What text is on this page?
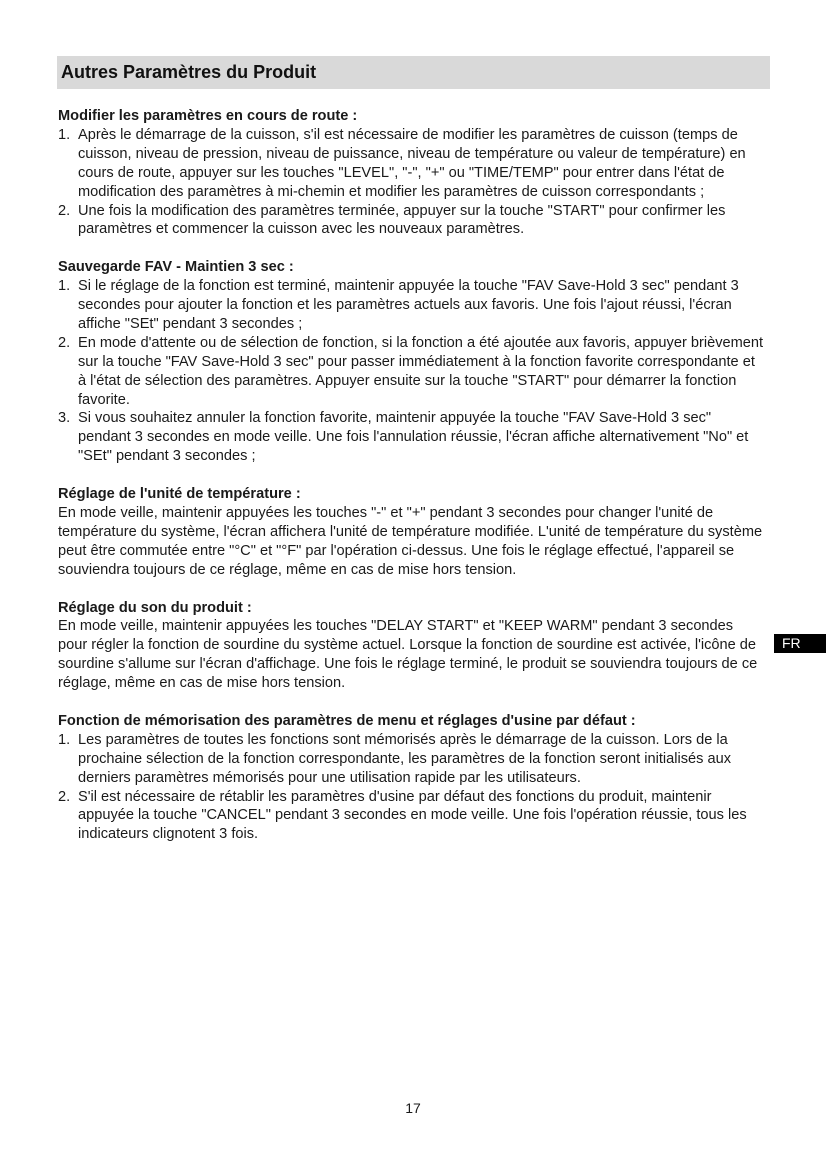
Autres Paramètres du Produit
Modifier les paramètres en cours de route :
1. Après le démarrage de la cuisson, s'il est nécessaire de modifier les paramètres de cuisson (temps de cuisson, niveau de pression, niveau de puissance, niveau de température ou valeur de température) en cours de route, appuyer sur les touches "LEVEL", "-", "+" ou "TIME/TEMP" pour entrer dans l'état de modification des paramètres à mi-chemin et modifier les paramètres de cuisson correspondants ;
2. Une fois la modification des paramètres terminée, appuyer sur la touche "START" pour confirmer les paramètres et commencer la cuisson avec les nouveaux paramètres.
Sauvegarde FAV - Maintien 3 sec :
1. Si le réglage de la fonction est terminé, maintenir appuyée la touche "FAV Save-Hold 3 sec" pendant 3 secondes pour ajouter la fonction et les paramètres actuels aux favoris. Une fois l'ajout réussi, l'écran affiche "SEt" pendant 3 secondes ;
2. En mode d'attente ou de sélection de fonction, si la fonction a été ajoutée aux favoris, appuyer brièvement sur la touche "FAV Save-Hold 3 sec" pour passer immédiatement à la fonction favorite correspondante et à l'état de sélection des paramètres. Appuyer ensuite sur la touche "START" pour démarrer la fonction favorite.
3. Si vous souhaitez annuler la fonction favorite, maintenir appuyée la touche "FAV Save-Hold 3 sec" pendant 3 secondes en mode veille. Une fois l'annulation réussie, l'écran affiche alternativement "No" et "SEt" pendant 3 secondes ;
Réglage de l'unité de température :
En mode veille, maintenir appuyées les touches "-" et "+" pendant 3 secondes pour changer l'unité de température du système, l'écran affichera l'unité de température modifiée. L'unité de température du système peut être commutée entre "°C" et "°F" par l'opération ci-dessus. Une fois le réglage effectué, l'appareil se souviendra toujours de ce réglage, même en cas de mise hors tension.
Réglage du son du produit :
En mode veille, maintenir appuyées les touches "DELAY START" et "KEEP WARM" pendant 3 secondes pour régler la fonction de sourdine du système actuel. Lorsque la fonction de sourdine est activée, l'icône de sourdine s'allume sur l'écran d'affichage. Une fois le réglage terminé, le produit se souviendra toujours de ce réglage, même en cas de mise hors tension.
Fonction de mémorisation des paramètres de menu et réglages d'usine par défaut :
1. Les paramètres de toutes les fonctions sont mémorisés après le démarrage de la cuisson. Lors de la prochaine sélection de la fonction correspondante, les paramètres de la fonction seront initialisés aux derniers paramètres mémorisés pour une utilisation rapide par les utilisateurs.
2. S'il est nécessaire de rétablir les paramètres d'usine par défaut des fonctions du produit, maintenir appuyée la touche "CANCEL" pendant 3 secondes en mode veille. Une fois l'opération réussie, tous les indicateurs clignotent 3 fois.
FR
17
